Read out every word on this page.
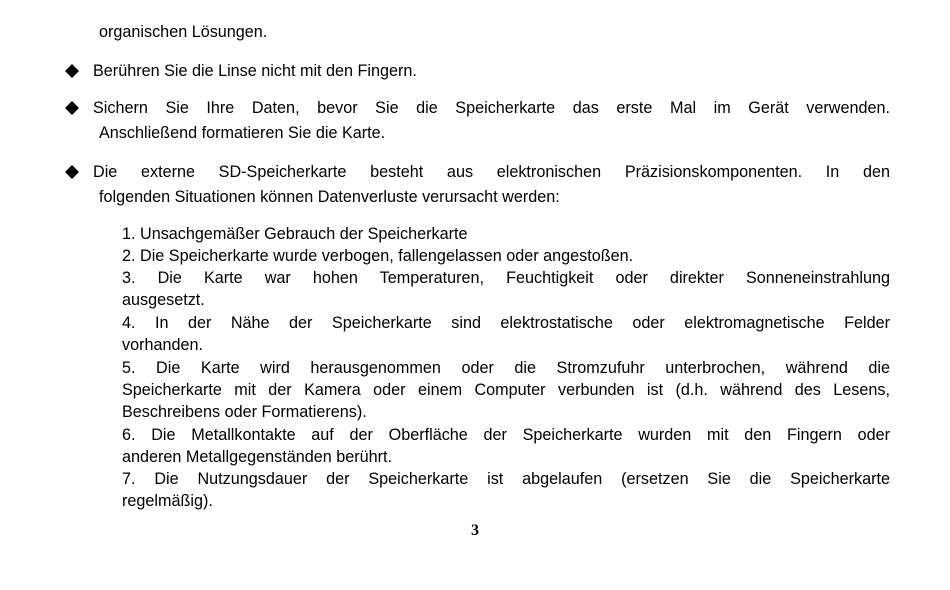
organischen Lösungen.
Berühren Sie die Linse nicht mit den Fingern.
Sichern Sie Ihre Daten, bevor Sie die Speicherkarte das erste Mal im Gerät verwenden.
Anschließend formatieren Sie die Karte.
Die externe SD-Speicherkarte besteht aus elektronischen Präzisionskomponenten. In den
folgenden Situationen können Datenverluste verursacht werden:
1. Unsachgemäßer Gebrauch der Speicherkarte
2. Die Speicherkarte wurde verbogen, fallengelassen oder angestoßen.
3. Die Karte war hohen Temperaturen, Feuchtigkeit oder direkter Sonneneinstrahlung
ausgesetzt.
4. In der Nähe der Speicherkarte sind elektrostatische oder elektromagnetische Felder
vorhanden.
5. Die Karte wird herausgenommen oder die Stromzufuhr unterbrochen, während die
Speicherkarte mit der Kamera oder einem Computer verbunden ist (d.h. während des Lesens,
Beschreibens oder Formatierens).
6. Die Metallkontakte auf der Oberfläche der Speicherkarte wurden mit den Fingern oder
anderen Metallgegenständen berührt.
7. Die Nutzungsdauer der Speicherkarte ist abgelaufen (ersetzen Sie die Speicherkarte
regelmäßig).
3
